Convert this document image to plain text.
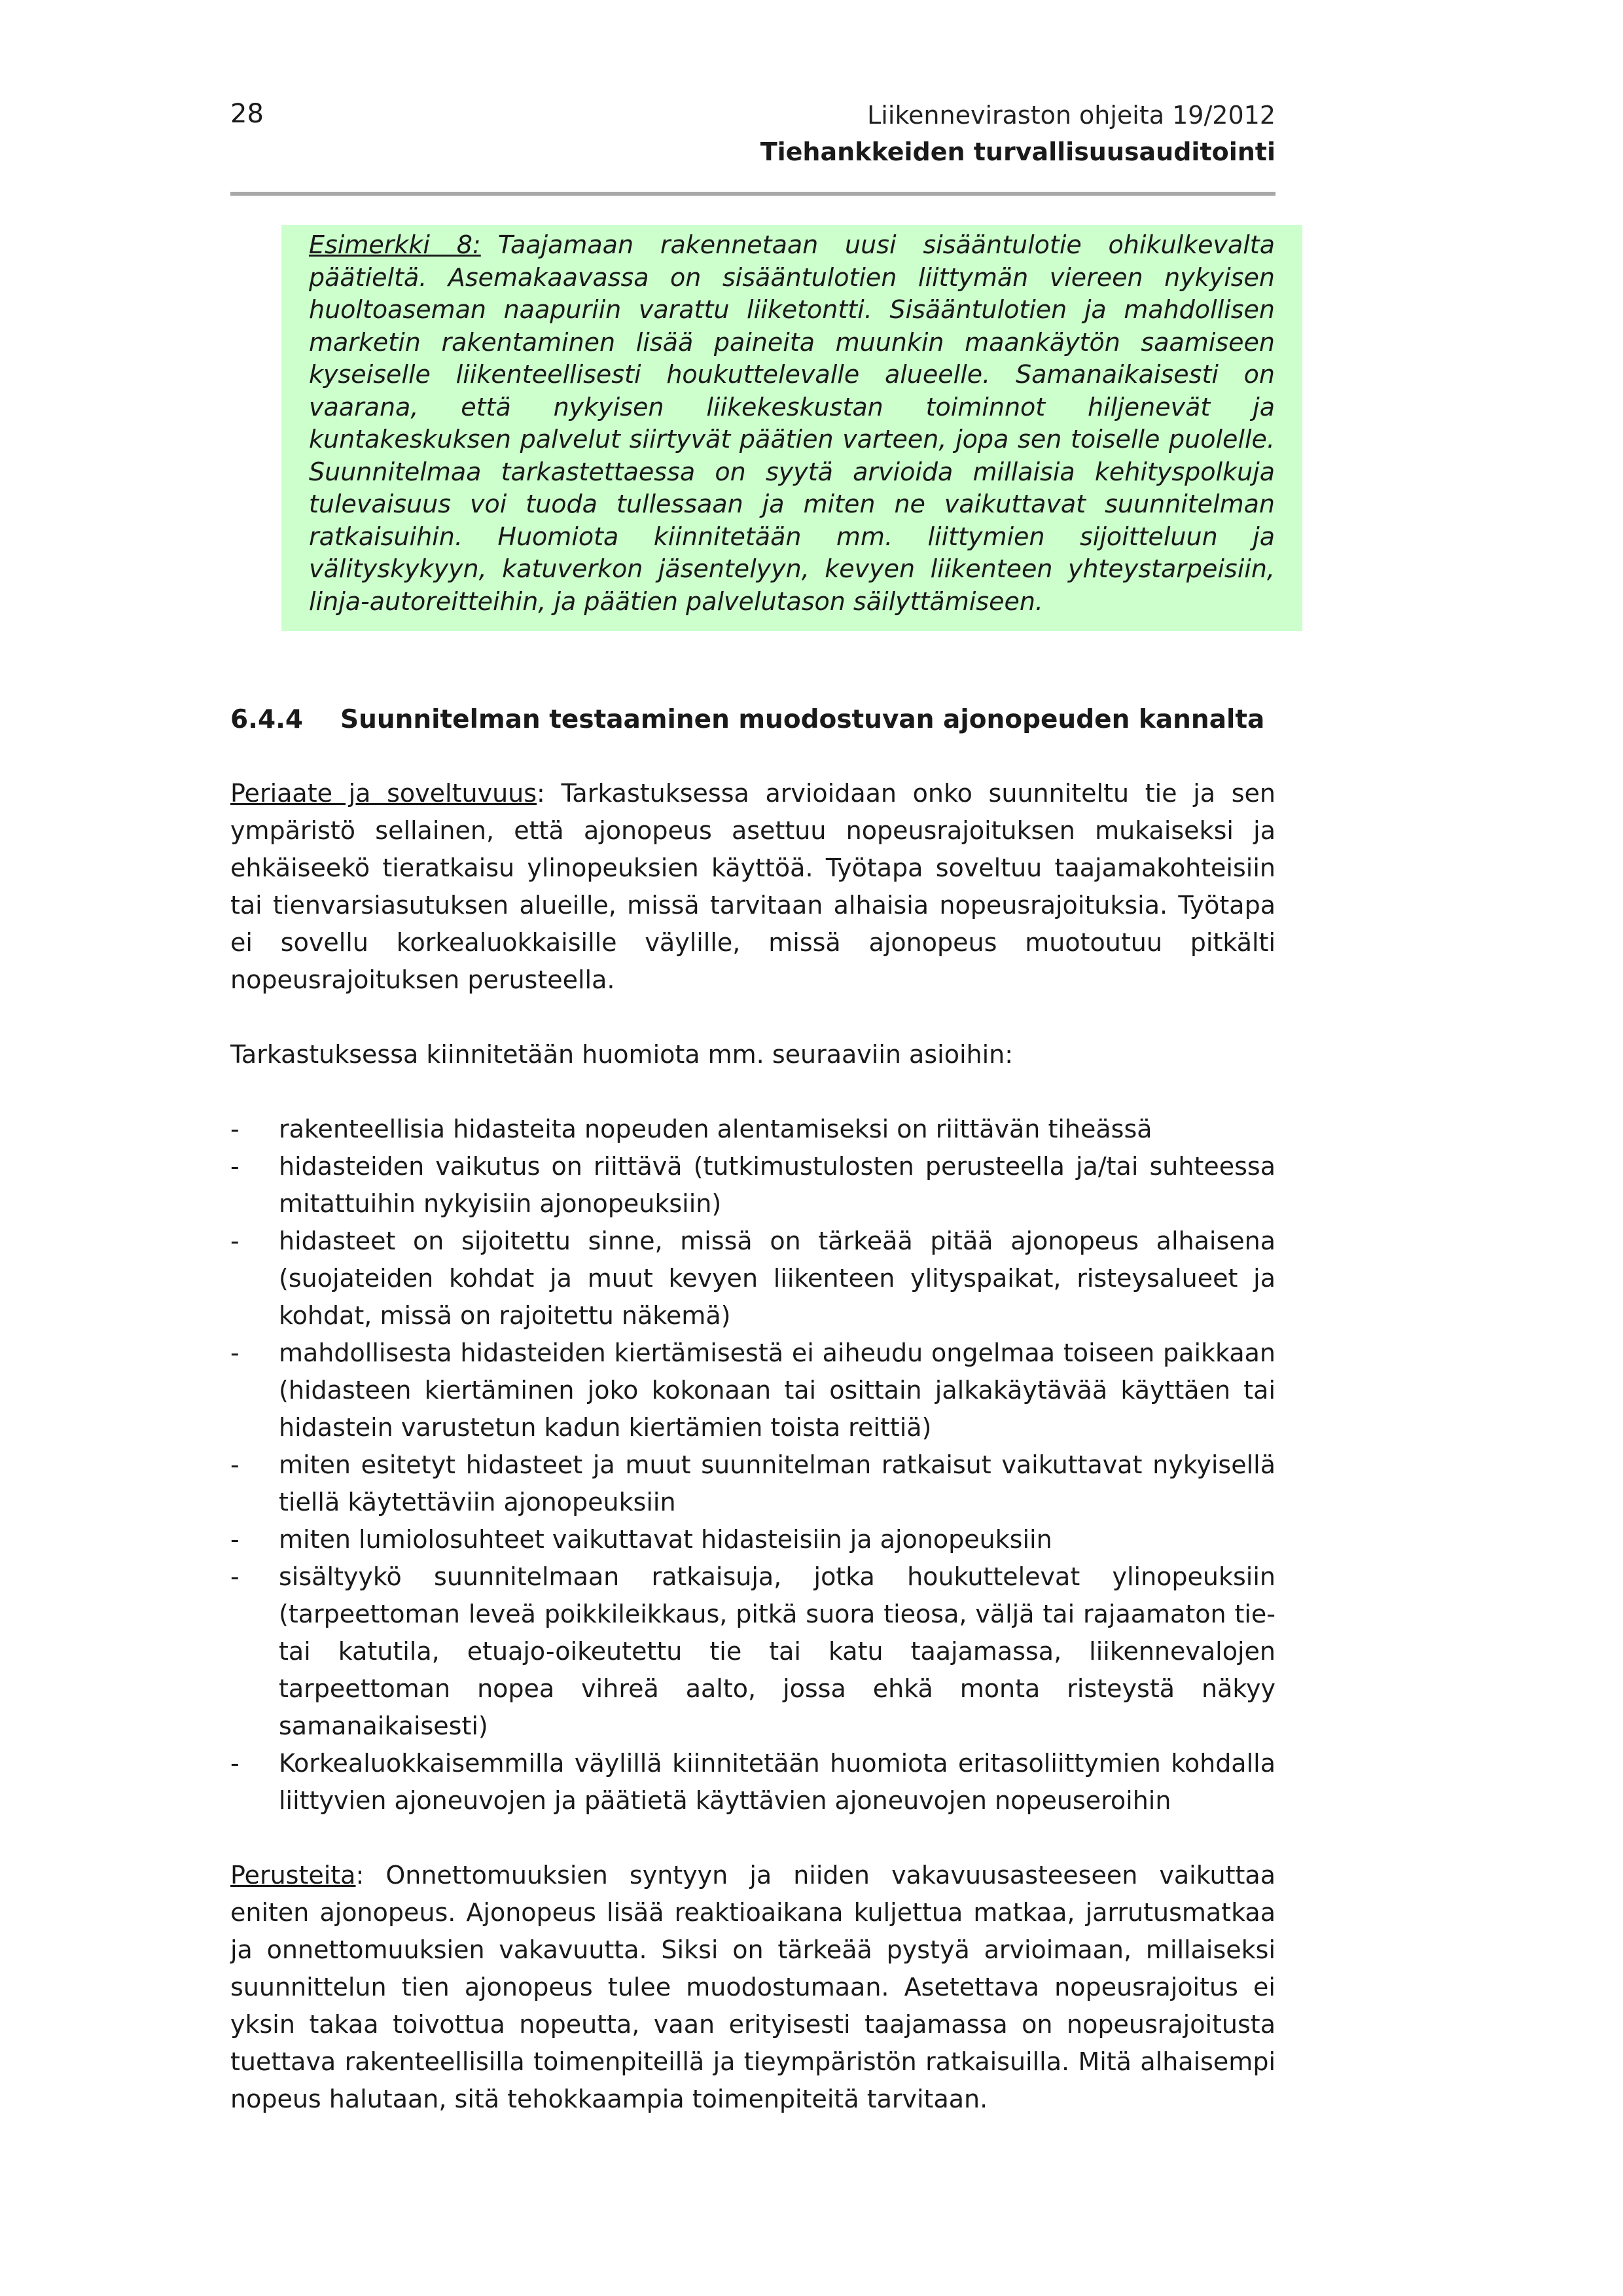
28	Liikenneviraston ohjeita 19/2012
Tiehankkeiden turvallisuusauditointi

Esimerkki 8: Taajamaan rakennetaan uusi sisääntulotie ohikulkevalta päätieltä. Asemakaavassa on sisääntulotien liittymän viereen nykyisen huoltoaseman naapuriin varattu liiketontti. Sisääntulotien ja mahdollisen marketin rakentaminen lisää paineita muunkin maankäytön saamiseen kyseiselle liikenteellisesti houkuttelevalle alueelle. Samanaikaisesti on vaarana, että nykyisen liikekeskustan toiminnot hiljenevät ja kuntakeskuksen palvelut siirtyvät päätien varteen, jopa sen toiselle puolelle. Suunnitelmaa tarkastettaessa on syytä arvioida millaisia kehityspolkuja tulevaisuus voi tuoda tullessaan ja miten ne vaikuttavat suunnitelman ratkaisuihin. Huomiota kiinnitetään mm. liittymien sijoitteluun ja välityskykyyn, katuverkon jäsentelyyn, kevyen liikenteen yhteystarpeisiin, linja-autoreitteihin, ja päätien palvelutason säilyttämiseen.

6.4.4	Suunnitelman testaaminen muodostuvan ajonopeuden kannalta

Periaate ja soveltuvuus: Tarkastuksessa arvioidaan onko suunniteltu tie ja sen ympäristö sellainen, että ajonopeus asettuu nopeusrajoituksen mukaiseksi ja ehkäiseekö tieratkaisu ylinopeuksien käyttöä. Työtapa soveltuu taajamakohteisiin tai tienvarsiasutuksen alueille, missä tarvitaan alhaisia nopeusrajoituksia. Työtapa ei sovellu korkealuokkaisille väylille, missä ajonopeus muotoutuu pitkälti nopeusrajoituksen perusteella.

Tarkastuksessa kiinnitetään huomiota mm. seuraaviin asioihin:

-	rakenteellisia hidasteita nopeuden alentamiseksi on riittävän tiheässä
-	hidasteiden vaikutus on riittävä (tutkimustulosten perusteella ja/tai suhteessa mitattuihin nykyisiin ajonopeuksiin)
-	hidasteet on sijoitettu sinne, missä on tärkeää pitää ajonopeus alhaisena (suojateiden kohdat ja muut kevyen liikenteen ylityspaikat, risteysalueet ja kohdat, missä on rajoitettu näkemä)
-	mahdollisesta hidasteiden kiertämisestä ei aiheudu ongelmaa toiseen paikkaan (hidasteen kiertäminen joko kokonaan tai osittain jalkakäytävää käyttäen tai hidastein varustetun kadun kiertämien toista reittiä)
-	miten esitetyt hidasteet ja muut suunnitelman ratkaisut vaikuttavat nykyisellä tiellä käytettäviin ajonopeuksiin
-	miten lumiolosuhteet vaikuttavat hidasteisiin ja ajonopeuksiin
-	sisältyykö suunnitelmaan ratkaisuja, jotka houkuttelevat ylinopeuksiin (tarpeettoman leveä poikkileikkaus, pitkä suora tieosa, väljä tai rajaamaton tie- tai katutila, etuajo-oikeutettu tie tai katu taajamassa, liikennevalojen tarpeettoman nopea vihreä aalto, jossa ehkä monta risteystä näkyy samanaikaisesti)
-	Korkealuokkaisemmilla väylillä kiinnitetään huomiota eritasoliittymien kohdalla liittyvien ajoneuvojen ja päätietä käyttävien ajoneuvojen nopeuseroihin

Perusteita: Onnettomuuksien syntyyn ja niiden vakavuusasteeseen vaikuttaa eniten ajonopeus. Ajonopeus lisää reaktioaikana kuljettua matkaa, jarrutusmatkaa ja onnettomuuksien vakavuutta. Siksi on tärkeää pystyä arvioimaan, millaiseksi suunnittelun tien ajonopeus tulee muodostumaan. Asetettava nopeusrajoitus ei yksin takaa toivottua nopeutta, vaan erityisesti taajamassa on nopeusrajoitusta tuettava rakenteellisilla toimenpiteillä ja tieympäristön ratkaisuilla. Mitä alhaisempi nopeus halutaan, sitä tehokkaampia toimenpiteitä tarvitaan.
